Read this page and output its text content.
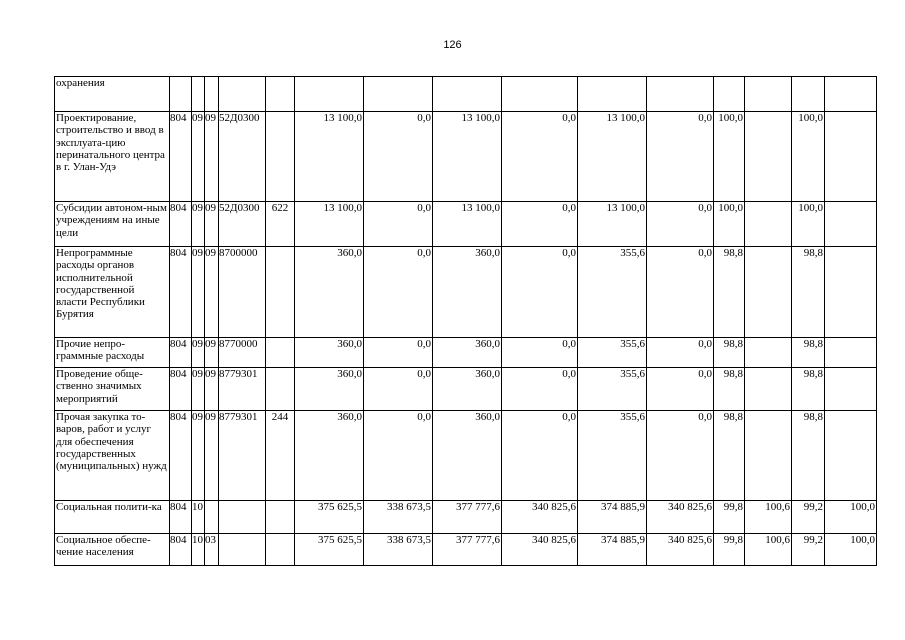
126
охранения															
Проектирование, строительство и ввод в эксплуата-цию перинатального центра в г. Улан-Удэ	804	09	09	52Д0300		13 100,0	0,0	13 100,0	0,0	13 100,0	0,0	100,0		100,0	
Субсидии автоном-ным учреждениям на иные цели	804	09	09	52Д0300	622	13 100,0	0,0	13 100,0	0,0	13 100,0	0,0	100,0		100,0	
Непрограммные расходы органов исполнительной государственной власти Республики Бурятия	804	09	09	8700000		360,0	0,0	360,0	0,0	355,6	0,0	98,8		98,8	
Прочие непро-граммные расходы	804	09	09	8770000		360,0	0,0	360,0	0,0	355,6	0,0	98,8		98,8	
Проведение обще-ственно значимых мероприятий	804	09	09	8779301		360,0	0,0	360,0	0,0	355,6	0,0	98,8		98,8	
Прочая закупка то-варов, работ и услуг для обеспечения государственных (муниципальных) нужд	804	09	09	8779301	244	360,0	0,0	360,0	0,0	355,6	0,0	98,8		98,8	
Социальная полити-ка	804	10				375 625,5	338 673,5	377 777,6	340 825,6	374 885,9	340 825,6	99,8	100,6	99,2	100,0
Социальное обеспе-чение населения	804	10	03			375 625,5	338 673,5	377 777,6	340 825,6	374 885,9	340 825,6	99,8	100,6	99,2	100,0
